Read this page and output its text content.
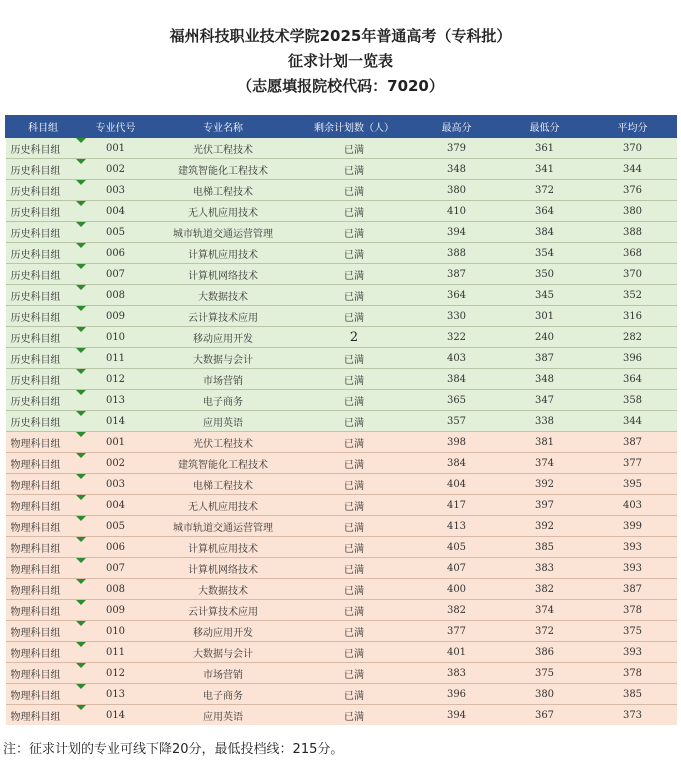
福州科技职业技术学院2025年普通高考（专科批）

征求计划一览表

（志愿填报院校代码：7020）

科目组	专业代号	专业名称	剩余计划数（人）	最高分	最低分	平均分
历史科目组	001	光伏工程技术	已满	379	361	370
历史科目组	002	建筑智能化工程技术	已满	348	341	344
历史科目组	003	电梯工程技术	已满	380	372	376
历史科目组	004	无人机应用技术	已满	410	364	380
历史科目组	005	城市轨道交通运营管理	已满	394	384	388
历史科目组	006	计算机应用技术	已满	388	354	368
历史科目组	007	计算机网络技术	已满	387	350	370
历史科目组	008	大数据技术	已满	364	345	352
历史科目组	009	云计算技术应用	已满	330	301	316
历史科目组	010	移动应用开发	2	322	240	282
历史科目组	011	大数据与会计	已满	403	387	396
历史科目组	012	市场营销	已满	384	348	364
历史科目组	013	电子商务	已满	365	347	358
历史科目组	014	应用英语	已满	357	338	344
物理科目组	001	光伏工程技术	已满	398	381	387
物理科目组	002	建筑智能化工程技术	已满	384	374	377
物理科目组	003	电梯工程技术	已满	404	392	395
物理科目组	004	无人机应用技术	已满	417	397	403
物理科目组	005	城市轨道交通运营管理	已满	413	392	399
物理科目组	006	计算机应用技术	已满	405	385	393
物理科目组	007	计算机网络技术	已满	407	383	393
物理科目组	008	大数据技术	已满	400	382	387
物理科目组	009	云计算技术应用	已满	382	374	378
物理科目组	010	移动应用开发	已满	377	372	375
物理科目组	011	大数据与会计	已满	401	386	393
物理科目组	012	市场营销	已满	383	375	378
物理科目组	013	电子商务	已满	396	380	385
物理科目组	014	应用英语	已满	394	367	373

注：征求计划的专业可线下降20分，最低投档线：215分。
